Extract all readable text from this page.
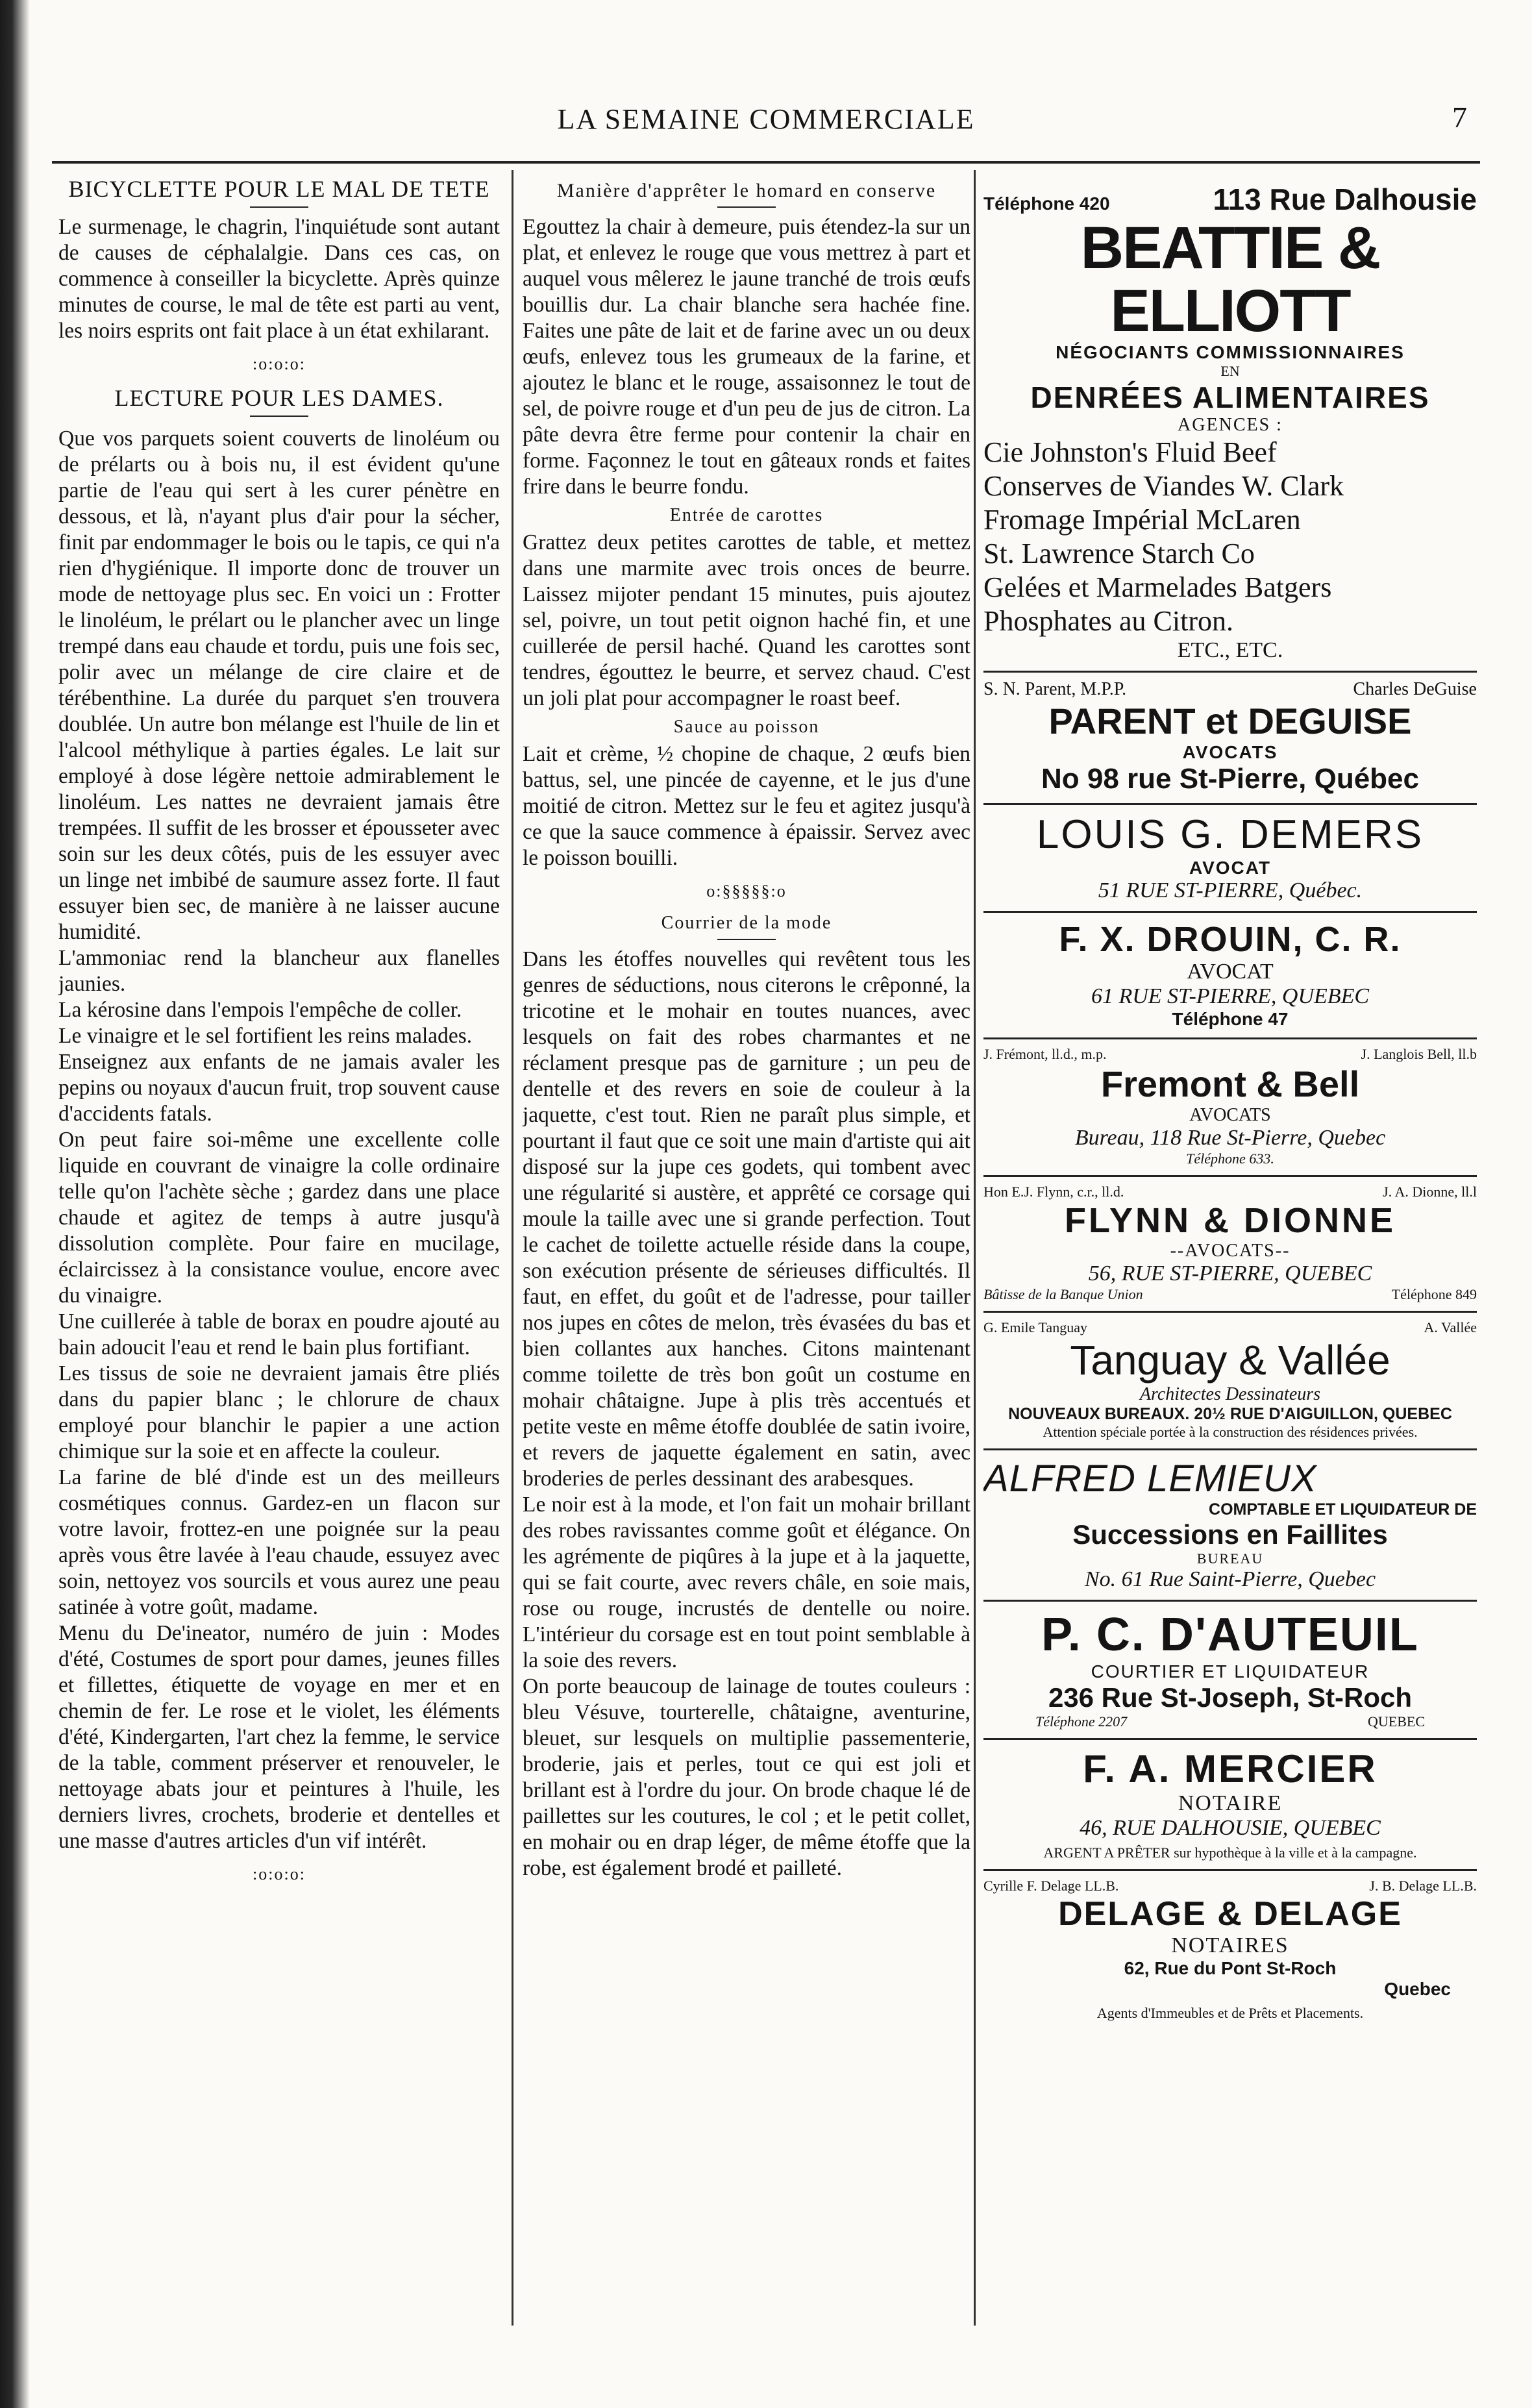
LA SEMAINE COMMERCIALE	7
BICYCLETTE POUR LE MAL DE TETE

Le surmenage, le chagrin, l'inquiétude sont autant de causes de céphalalgie. Dans ces cas, on commence à conseiller la bicyclette. Après quinze minutes de course, le mal de tête est parti au vent, les noirs esprits ont fait place à un état exhilarant.

:o:o:o:
LECTURE POUR LES DAMES.

Que vos parquets soient couverts de linoléum ou de prélarts ou à bois nu, il est évident qu'une partie de l'eau qui sert à les curer pénètre en dessous, et là, n'ayant plus d'air pour la sécher, finit par endommager le bois ou le tapis, ce qui n'a rien d'hygiénique. Il importe donc de trouver un mode de nettoyage plus sec. En voici un : Frotter le linoléum, le prélart ou le plancher avec un linge trempé dans eau chaude et tordu, puis une fois sec, polir avec un mélange de cire claire et de térébenthine. La durée du parquet s'en trouvera doublée. Un autre bon mélange est l'huile de lin et l'alcool méthylique à parties égales. Le lait sur employé à dose légère nettoie admirablement le linoléum. Les nattes ne devraient jamais être trempées. Il suffit de les brosser et épousseter avec soin sur les deux côtés, puis de les essuyer avec un linge net imbibé de saumure assez forte. Il faut essuyer bien sec, de manière à ne laisser aucune humidité.

L'ammoniac rend la blancheur aux flanelles jaunies.

La kérosine dans l'empois l'empêche de coller.

Le vinaigre et le sel fortifient les reins malades.

Enseignez aux enfants de ne jamais avaler les pepins ou noyaux d'aucun fruit, trop souvent cause d'accidents fatals.

On peut faire soi-même une excellente colle liquide en couvrant de vinaigre la colle ordinaire telle qu'on l'achète sèche ; gardez dans une place chaude et agitez de temps à autre jusqu'à dissolution complète. Pour faire en mucilage, éclaircissez à la consistance voulue, encore avec du vinaigre.

Une cuillerée à table de borax en poudre ajouté au bain adoucit l'eau et rend le bain plus fortifiant.

Les tissus de soie ne devraient jamais être pliés dans du papier blanc ; le chlorure de chaux employé pour blanchir le papier a une action chimique sur la soie et en affecte la couleur.

La farine de blé d'inde est un des meilleurs cosmétiques connus. Gardez-en un flacon sur votre lavoir, frottez-en une poignée sur la peau après vous être lavée à l'eau chaude, essuyez avec soin, nettoyez vos sourcils et vous aurez une peau satinée à votre goût, madame.

Menu du De'ineator, numéro de juin : Modes d'été, Costumes de sport pour dames, jeunes filles et fillettes, étiquette de voyage en mer et en chemin de fer. Le rose et le violet, les éléments d'été, Kindergarten, l'art chez la femme, le service de la table, comment préserver et renouveler, le nettoyage abats jour et peintures à l'huile, les derniers livres, crochets, broderie et dentelles et une masse d'autres articles d'un vif intérêt.

:o:o:o:
Manière d'apprêter le homard en conserve

Egouttez la chair à demeure, puis étendez-la sur un plat, et enlevez le rouge que vous mettrez à part et auquel vous mêlerez le jaune tranché de trois œufs bouillis dur. La chair blanche sera hachée fine. Faites une pâte de lait et de farine avec un ou deux œufs, enlevez tous les grumeaux de la farine, et ajoutez le blanc et le rouge, assaisonnez le tout de sel, de poivre rouge et d'un peu de jus de citron. La pâte devra être ferme pour contenir la chair en forme. Façonnez le tout en gâteaux ronds et faites frire dans le beurre fondu.

Entrée de carottes

Grattez deux petites carottes de table, et mettez dans une marmite avec trois onces de beurre. Laissez mijoter pendant 15 minutes, puis ajoutez sel, poivre, un tout petit oignon haché fin, et une cuillerée de persil haché. Quand les carottes sont tendres, égouttez le beurre, et servez chaud. C'est un joli plat pour accompagner le roast beef.

Sauce au poisson

Lait et crème, ½ chopine de chaque, 2 œufs bien battus, sel, une pincée de cayenne, et le jus d'une moitié de citron. Mettez sur le feu et agitez jusqu'à ce que la sauce commence à épaissir. Servez avec le poisson bouilli.

o:§§§§§:o
Courrier de la mode

Dans les étoffes nouvelles qui revêtent tous les genres de séductions, nous citerons le crêponné, la tricotine et le mohair en toutes nuances, avec lesquels on fait des robes charmantes et ne réclament presque pas de garniture ; un peu de dentelle et des revers en soie de couleur à la jaquette, c'est tout. Rien ne paraît plus simple, et pourtant il faut que ce soit une main d'artiste qui ait disposé sur la jupe ces godets, qui tombent avec une régularité si austère, et apprêté ce corsage qui moule la taille avec une si grande perfection. Tout le cachet de toilette actuelle réside dans la coupe, son exécution présente de sérieuses difficultés. Il faut, en effet, du goût et de l'adresse, pour tailler nos jupes en côtes de melon, très évasées du bas et bien collantes aux hanches. Citons maintenant comme toilette de très bon goût un costume en mohair châtaigne. Jupe à plis très accentués et petite veste en même étoffe doublée de satin ivoire, et revers de jaquette également en satin, avec broderies de perles dessinant des arabesques.

Le noir est à la mode, et l'on fait un mohair brillant des robes ravissantes comme goût et élégance. On les agrémente de piqûres à la jupe et à la jaquette, qui se fait courte, avec revers châle, en soie mais, rose ou rouge, incrustés de dentelle ou noire. L'intérieur du corsage est en tout point semblable à la soie des revers.

On porte beaucoup de lainage de toutes couleurs : bleu Vésuve, tourterelle, châtaigne, aventurine, bleuet, sur lesquels on multiplie passementerie, broderie, jais et perles, tout ce qui est joli et brillant est à l'ordre du jour. On brode chaque lé de paillettes sur les coutures, le col ; et le petit collet, en mohair ou en drap léger, de même étoffe que la robe, est également brodé et pailleté.

Téléphone 420	113 Rue Dalhousie
BEATTIE & ELLIOTT
NÉGOCIANTS COMMISSIONNAIRES
EN
DENRÉES ALIMENTAIRES
AGENCES :
Cie Johnston's Fluid Beef
Conserves de Viandes W. Clark
Fromage Impérial McLaren
St. Lawrence Starch Co
Gelées et Marmelades Batgers
Phosphates au Citron.
ETC., ETC.
S. N. Parent, M.P.P.	Charles DeGuise
PARENT et DEGUISE
AVOCATS
No 98 rue St-Pierre, Québec
LOUIS G. DEMERS
AVOCAT
51 RUE ST-PIERRE, Québec.
F. X. DROUIN, C. R.
AVOCAT
61 RUE ST-PIERRE, QUEBEC
Téléphone 47
J. Frémont, ll.d., m.p.	J. Langlois Bell, ll.b
Fremont & Bell
AVOCATS
Bureau, 118 Rue St-Pierre, Quebec
Téléphone 633.
Hon E.J. Flynn, c.r., ll.d.	J. A. Dionne, ll.l
FLYNN & DIONNE
--AVOCATS--
56, RUE ST-PIERRE, QUEBEC
Bâtisse de la Banque Union	Téléphone 849
G. Emile Tanguay	A. Vallée
Tanguay & Vallée
Architectes Dessinateurs
NOUVEAUX BUREAUX. 20½ RUE D'AIGUILLON, QUEBEC
Attention spéciale portée à la construction des résidences privées.
ALFRED LEMIEUX
COMPTABLE ET LIQUIDATEUR DE
Successions en Faillites
BUREAU
No. 61 Rue Saint-Pierre, Quebec
P. C. D'AUTEUIL
COURTIER ET LIQUIDATEUR
236 Rue St-Joseph, St-Roch
Téléphone 2207	QUEBEC
F. A. MERCIER
NOTAIRE
46, RUE DALHOUSIE, QUEBEC
ARGENT A PRÊTER sur hypothèque à la ville et à la campagne.
Cyrille F. Delage LL.B.	J. B. Delage LL.B.
DELAGE & DELAGE
NOTAIRES
62, Rue du Pont St-Roch
Quebec
Agents d'Immeubles et de Prêts et Placements.
